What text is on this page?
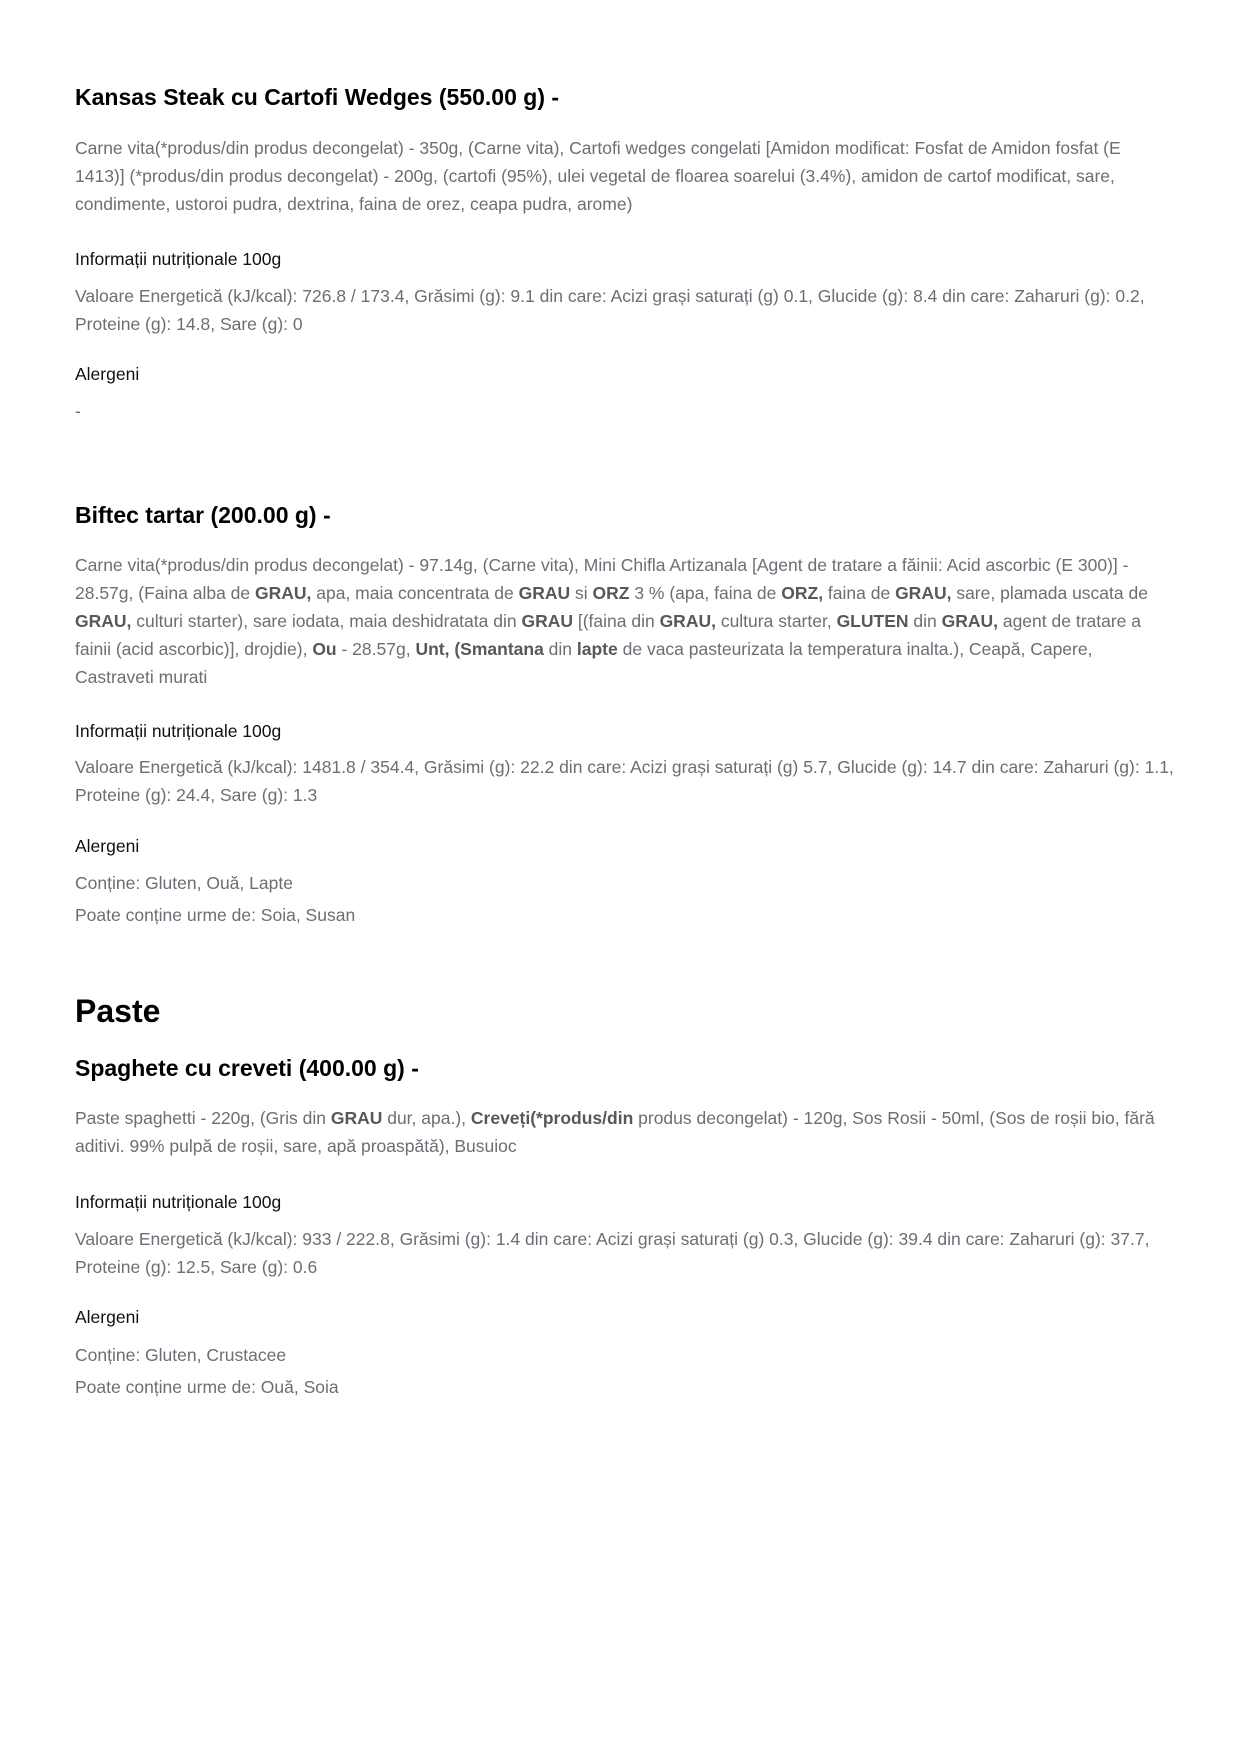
Kansas Steak cu Cartofi Wedges (550.00 g) -

Carne vita(*produs/din produs decongelat) - 350g, (Carne vita), Cartofi wedges congelati [Amidon modificat: Fosfat de Amidon fosfat (E 1413)] (*produs/din produs decongelat) - 200g, (cartofi (95%), ulei vegetal de floarea soarelui (3.4%), amidon de cartof modificat, sare, condimente, ustoroi pudra, dextrina, faina de orez, ceapa pudra, arome)

Informații nutriționale 100g

Valoare Energetică (kJ/kcal): 726.8 / 173.4, Grăsimi (g): 9.1 din care: Acizi grași saturați (g) 0.1, Glucide (g): 8.4 din care: Zaharuri (g): 0.2, Proteine (g): 14.8, Sare (g): 0

Alergeni

-

Biftec tartar (200.00 g) -

Carne vita(*produs/din produs decongelat) - 97.14g, (Carne vita), Mini Chifla Artizanala [Agent de tratare a făinii: Acid ascorbic (E 300)] - 28.57g, (Faina alba de GRAU, apa, maia concentrata de GRAU si ORZ 3 % (apa, faina de ORZ, faina de GRAU, sare, plamada uscata de GRAU, culturi starter), sare iodata, maia deshidratata din GRAU [(faina din GRAU, cultura starter, GLUTEN din GRAU, agent de tratare a fainii (acid ascorbic)], drojdie), Ou - 28.57g, Unt, (Smantana din lapte de vaca pasteurizata la temperatura inalta.), Ceapă, Capere, Castraveti murati

Informații nutriționale 100g

Valoare Energetică (kJ/kcal): 1481.8 / 354.4, Grăsimi (g): 22.2 din care: Acizi grași saturați (g) 5.7, Glucide (g): 14.7 din care: Zaharuri (g): 1.1, Proteine (g): 24.4, Sare (g): 1.3

Alergeni

Conține: Gluten, Ouă, Lapte

Poate conține urme de: Soia, Susan

Paste
Spaghete cu creveti (400.00 g) -

Paste spaghetti - 220g, (Gris din GRAU dur, apa.), Creveți(*produs/din produs decongelat) - 120g, Sos Rosii - 50ml, (Sos de roșii bio, fără aditivi. 99% pulpă de roșii, sare, apă proaspătă), Busuioc

Informații nutriționale 100g

Valoare Energetică (kJ/kcal): 933 / 222.8, Grăsimi (g): 1.4 din care: Acizi grași saturați (g) 0.3, Glucide (g): 39.4 din care: Zaharuri (g): 37.7, Proteine (g): 12.5, Sare (g): 0.6

Alergeni

Conține: Gluten, Crustacee

Poate conține urme de: Ouă, Soia
